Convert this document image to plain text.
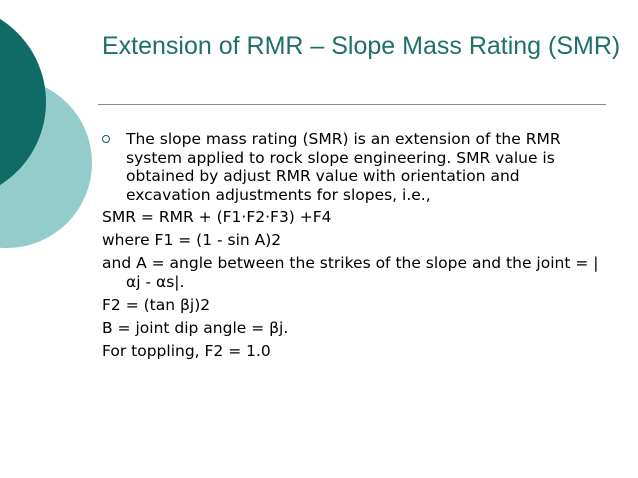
Extension of RMR – Slope Mass Rating (SMR)
The slope mass rating (SMR) is an extension of the RMR system applied to rock slope engineering. SMR value is obtained by adjust RMR value with orientation and excavation adjustments for slopes, i.e.,
SMR = RMR + (F1·F2·F3) +F4
where F1 = (1 - sin A)2
and A = angle between the strikes of the slope and the joint = |αj - αs|.
F2 = (tan βj)2
B = joint dip angle = βj.
For toppling, F2 = 1.0
